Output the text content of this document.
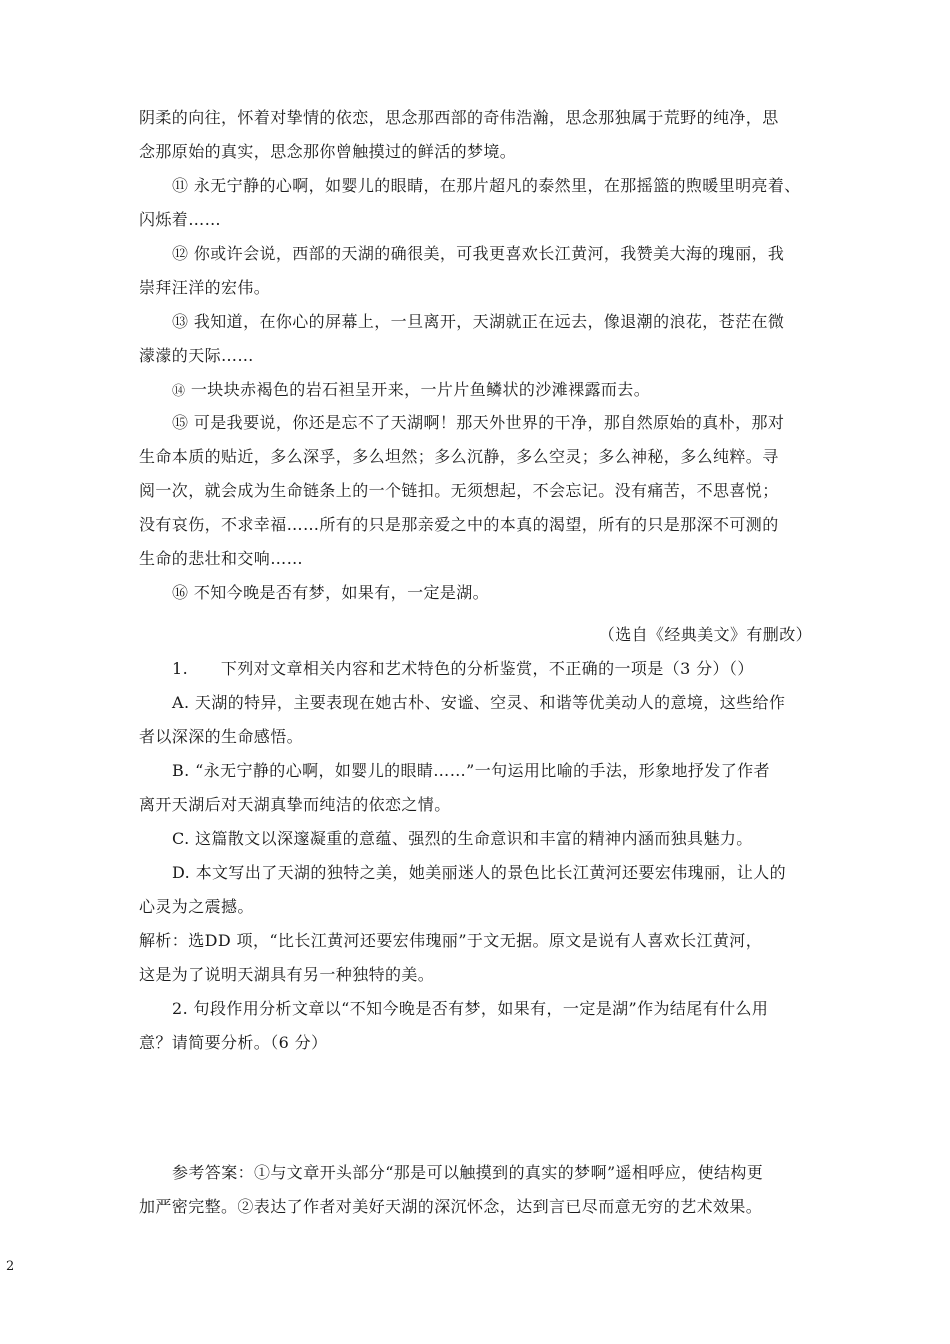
阴柔的向往，怀着对挚情的依恋，思念那西部的奇伟浩瀚，思念那独属于荒野的纯净，思
念那原始的真实，思念那你曾触摸过的鲜活的梦境。
⑪ 永无宁静的心啊，如婴儿的眼睛，在那片超凡的泰然里，在那摇篮的煦暖里明亮着、
闪烁着……
⑫ 你或许会说，西部的天湖的确很美，可我更喜欢长江黄河，我赞美大海的瑰丽，我
崇拜汪洋的宏伟。
⑬ 我知道，在你心的屏幕上，一旦离开，天湖就正在远去，像退潮的浪花，苍茫在微
濛濛的天际……
⑭ 一块块赤褐色的岩石袒呈开来，一片片鱼鳞状的沙滩裸露而去。
⑮ 可是我要说，你还是忘不了天湖啊！那天外世界的干净，那自然原始的真朴，那对
生命本质的贴近，多么深孚，多么坦然；多么沉静，多么空灵；多么神秘，多么纯粹。寻
阅一次，就会成为生命链条上的一个链扣。无须想起，不会忘记。没有痛苦，不思喜悦；
没有哀伤，不求幸福……所有的只是那亲爱之中的本真的渴望，所有的只是那深不可测的
生命的悲壮和交响……
⑯ 不知今晚是否有梦，如果有，一定是湖。
（选自《经典美文》有删改）
1.　　下列对文章相关内容和艺术特色的分析鉴赏，不正确的一项是（3 分）（）
A. 天湖的特异，主要表现在她古朴、安谧、空灵、和谐等优美动人的意境，这些给作
者以深深的生命感悟。
B. “永无宁静的心啊，如婴儿的眼睛……”一句运用比喻的手法，形象地抒发了作者
离开天湖后对天湖真挚而纯洁的依恋之情。
C. 这篇散文以深邃凝重的意蕴、强烈的生命意识和丰富的精神内涵而独具魅力。
D. 本文写出了天湖的独特之美，她美丽迷人的景色比长江黄河还要宏伟瑰丽，让人的
心灵为之震撼。
解析：选DD 项，“比长江黄河还要宏伟瑰丽”于文无据。原文是说有人喜欢长江黄河，
这是为了说明天湖具有另一种独特的美。
2. 句段作用分析文章以“不知今晚是否有梦，如果有，一定是湖”作为结尾有什么用
意？请简要分析。（6 分）
参考答案：①与文章开头部分“那是可以触摸到的真实的梦啊”遥相呼应，使结构更
加严密完整。②表达了作者对美好天湖的深沉怀念，达到言已尽而意无穷的艺术效果。
2
